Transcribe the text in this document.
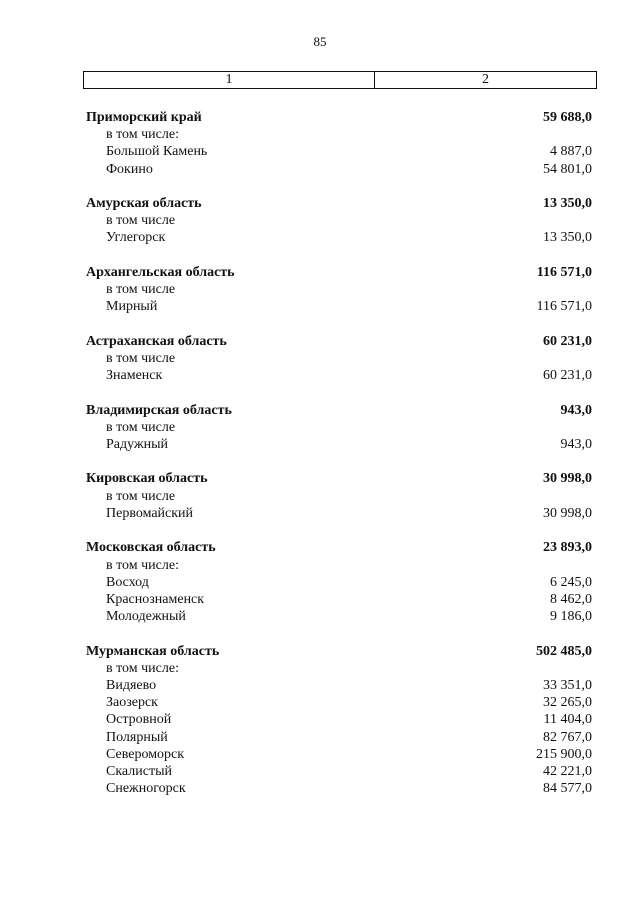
85
1	2
Приморский край	59 688,0
в том числе:
Большой Камень	4 887,0
Фокино	54 801,0
Амурская область	13 350,0
в том числе
Углегорск	13 350,0
Архангельская область	116 571,0
в том числе
Мирный	116 571,0
Астраханская область	60 231,0
в том числе
Знаменск	60 231,0
Владимирская область	943,0
в том числе
Радужный	943,0
Кировская область	30 998,0
в том числе
Первомайский	30 998,0
Московская область	23 893,0
в том числе:
Восход	6 245,0
Краснознаменск	8 462,0
Молодежный	9 186,0
Мурманская область	502 485,0
в том числе:
Видяево	33 351,0
Заозерск	32 265,0
Островной	11 404,0
Полярный	82 767,0
Североморск	215 900,0
Скалистый	42 221,0
Снежногорск	84 577,0
